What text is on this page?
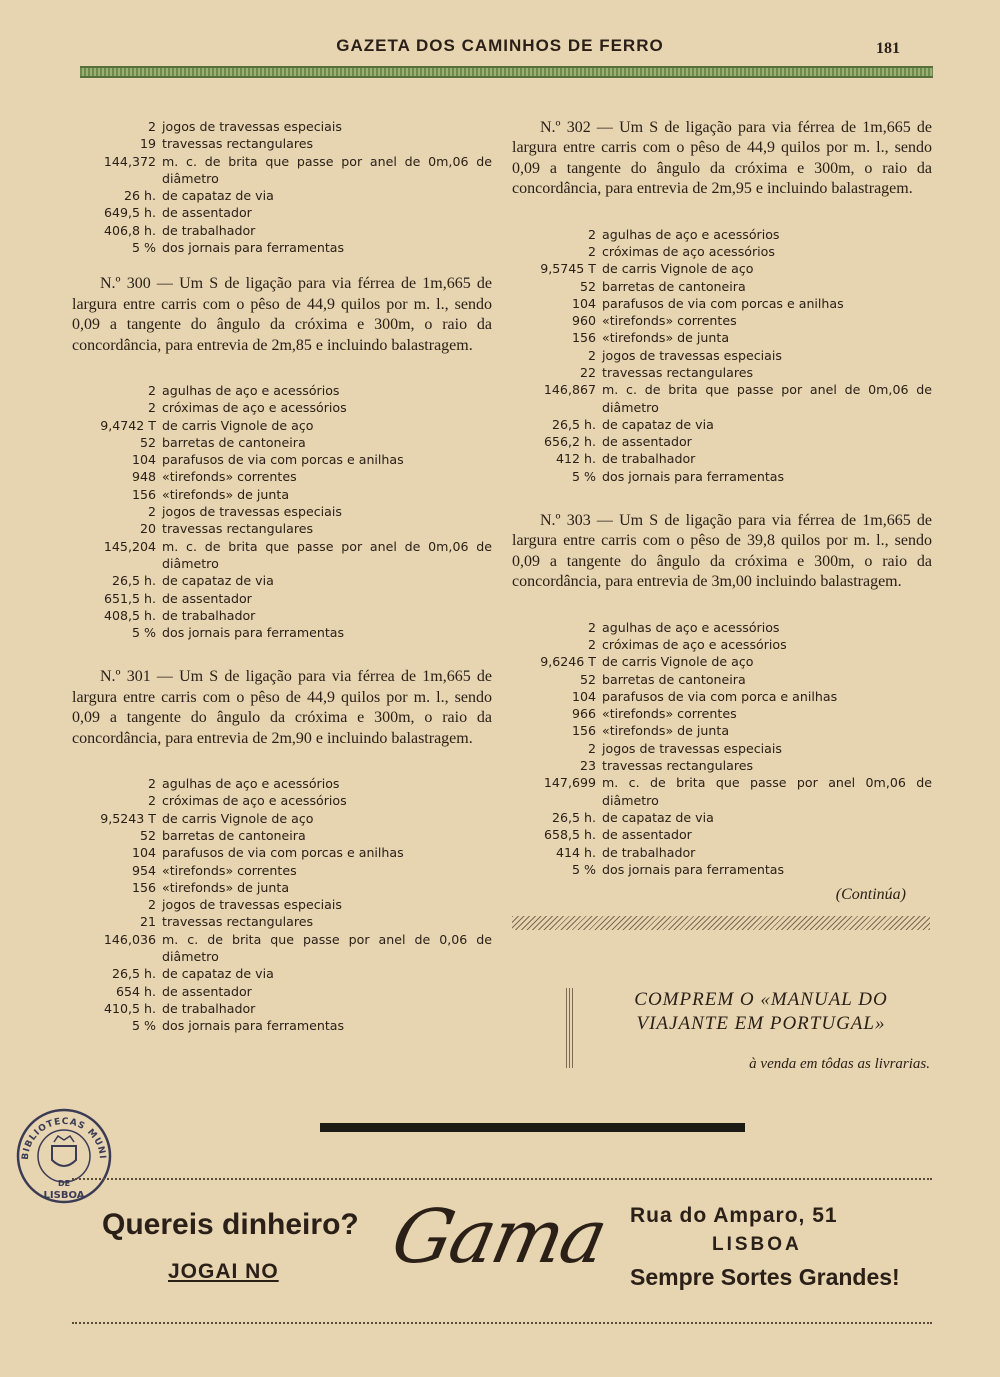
GAZETA DOS CAMINHOS DE FERRO	181
2 jogos de travessas especiais
19 travessas rectangulares
144,372 m. c. de brita que passe por anel de 0m,06 de diâmetro
26 h. de capataz de via
649,5 h. de assentador
406,8 h. de trabalhador
5 % dos jornais para ferramentas

N.º 300 — Um S de ligação para via férrea de 1m,665 de largura entre carris com o pêso de 44,9 quilos por m. l., sendo 0,09 a tangente do ângulo da cróxima e 300m, o raio da concordância, para entrevia de 2m,85 e incluindo balastragem.

2 agulhas de aço e acessórios
2 cróximas de aço e acessórios
9,4742 T de carris Vignole de aço
52 barretas de cantoneira
104 parafusos de via com porcas e anilhas
948 «tirefonds» correntes
156 «tirefonds» de junta
2 jogos de travessas especiais
20 travessas rectangulares
145,204 m. c. de brita que passe por anel de 0m,06 de diâmetro
26,5 h. de capataz de via
651,5 h. de assentador
408,5 h. de trabalhador
5 % dos jornais para ferramentas

N.º 301 — Um S de ligação para via férrea de 1m,665 de largura entre carris com o pêso de 44,9 quilos por m. l., sendo 0,09 a tangente do ângulo da cróxima e 300m, o raio da concordância, para entrevia de 2m,90 e incluindo balastragem.

2 agulhas de aço e acessórios
2 cróximas de aço e acessórios
9,5243 T de carris Vignole de aço
52 barretas de cantoneira
104 parafusos de via com porcas e anilhas
954 «tirefonds» correntes
156 «tirefonds» de junta
2 jogos de travessas especiais
21 travessas rectangulares
146,036 m. c. de brita que passe por anel de 0,06 de diâmetro
26,5 h. de capataz de via
654 h. de assentador
410,5 h. de trabalhador
5 % dos jornais para ferramentas

N.º 302 — Um S de ligação para via férrea de 1m,665 de largura entre carris com o pêso de 44,9 quilos por m. l., sendo 0,09 a tangente do ângulo da cróxima e 300m, o raio da concordância, para entrevia de 2m,95 e incluindo balastragem.

2 agulhas de aço e acessórios
2 cróximas de aço acessórios
9,5745 T de carris Vignole de aço
52 barretas de cantoneira
104 parafusos de via com porcas e anilhas
960 «tirefonds» correntes
156 «tirefonds» de junta
2 jogos de travessas especiais
22 travessas rectangulares
146,867 m. c. de brita que passe por anel de 0m,06 de diâmetro
26,5 h. de capataz de via
656,2 h. de assentador
412 h. de trabalhador
5 % dos jornais para ferramentas

N.º 303 — Um S de ligação para via férrea de 1m,665 de largura entre carris com o pêso de 39,8 quilos por m. l., sendo 0,09 a tangente do ângulo da cróxima e 300m, o raio da concordância, para entrevia de 3m,00 incluindo balastragem.

2 agulhas de aço e acessórios
2 cróximas de aço e acessórios
9,6246 T de carris Vignole de aço
52 barretas de cantoneira
104 parafusos de via com porca e anilhas
966 «tirefonds» correntes
156 «tirefonds» de junta
2 jogos de travessas especiais
23 travessas rectangulares
147,699 m. c. de brita que passe por anel 0m,06 de diâmetro
26,5 h. de capataz de via
658,5 h. de assentador
414 h. de trabalhador
5 % dos jornais para ferramentas
(Continúa)
COMPREM O «MANUAL DO VIAJANTE EM PORTUGAL»
à venda em tôdas as livrarias.
BIBLIOTECAS MUNI
DE
LISBOA
Quereis dinheiro?
JOGAI NO Gama Rua do Amparo, 51
LISBOA
Sempre Sortes Grandes!
